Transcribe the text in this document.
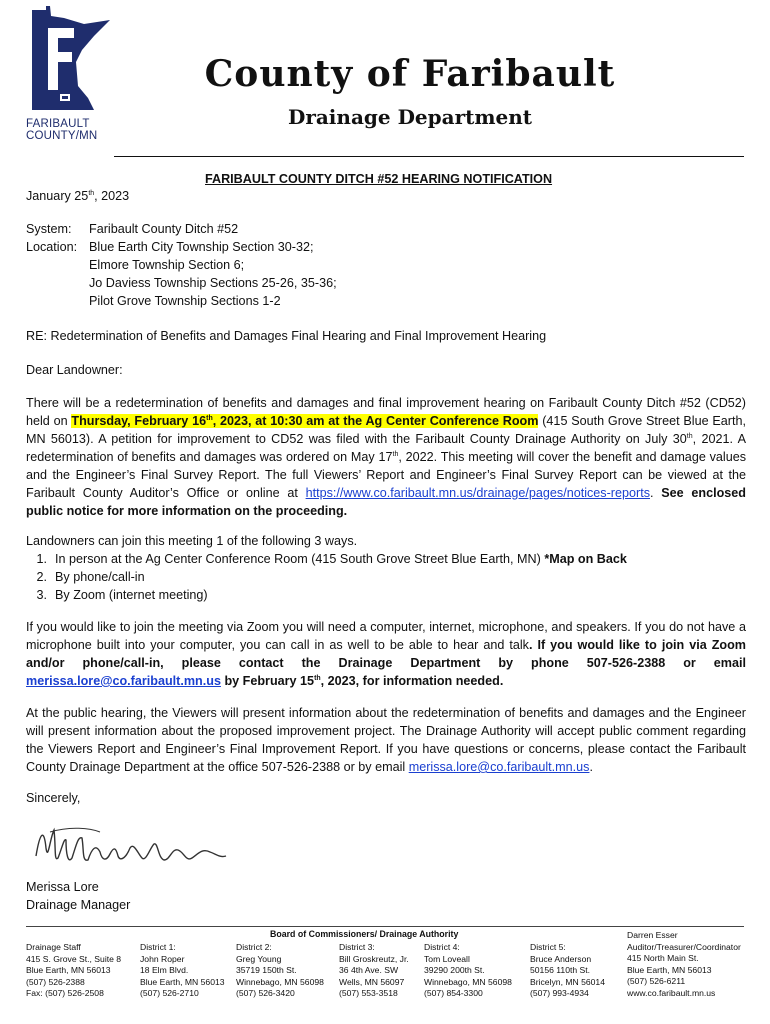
FARIBAULT
COUNTY/MN
County of Faribault
Drainage Department
FARIBAULT COUNTY DITCH #52 HEARING NOTIFICATION
January 25th, 2023
System: Faribault County Ditch #52
Location: Blue Earth City Township Section 30-32;
Elmore Township Section 6;
Jo Daviess Township Sections 25-26, 35-36;
Pilot Grove Township Sections 1-2
RE: Redetermination of Benefits and Damages Final Hearing and Final Improvement Hearing
Dear Landowner:
There will be a redetermination of benefits and damages and final improvement hearing on Faribault County Ditch #52 (CD52) held on Thursday, February 16th, 2023, at 10:30 am at the Ag Center Conference Room (415 South Grove Street Blue Earth, MN 56013). A petition for improvement to CD52 was filed with the Faribault County Drainage Authority on July 30th, 2021. A redetermination of benefits and damages was ordered on May 17th, 2022. This meeting will cover the benefit and damage values and the Engineer’s Final Survey Report. The full Viewers’ Report and Engineer’s Final Survey Report can be viewed at the Faribault County Auditor’s Office or online at https://www.co.faribault.mn.us/drainage/pages/notices-reports. See enclosed public notice for more information on the proceeding.
Landowners can join this meeting 1 of the following 3 ways.
1. In person at the Ag Center Conference Room (415 South Grove Street Blue Earth, MN) *Map on Back
2. By phone/call-in
3. By Zoom (internet meeting)
If you would like to join the meeting via Zoom you will need a computer, internet, microphone, and speakers. If you do not have a microphone built into your computer, you can call in as well to be able to hear and talk. If you would like to join via Zoom and/or phone/call-in, please contact the Drainage Department by phone 507-526-2388 or email merissa.lore@co.faribault.mn.us by February 15th, 2023, for information needed.
At the public hearing, the Viewers will present information about the redetermination of benefits and damages and the Engineer will present information about the proposed improvement project. The Drainage Authority will accept public comment regarding the Viewers Report and Engineer’s Final Improvement Report. If you have questions or concerns, please contact the Faribault County Drainage Department at the office 507-526-2388 or by email merissa.lore@co.faribault.mn.us.
Sincerely,
Merissa Lore
Drainage Manager
Board of Commissioners/ Drainage Authority
Drainage Staff
415 S. Grove St., Suite 8
Blue Earth, MN 56013
(507) 526-2388
Fax: (507) 526-2508
District 1:
John Roper
18 Elm Blvd.
Blue Earth, MN 56013
(507) 526-2710
District 2:
Greg Young
35719 150th St.
Winnebago, MN 56098
(507) 526-3420
District 3:
Bill Groskreutz, Jr.
36 4th Ave. SW
Wells, MN 56097
(507) 553-3518
District 4:
Tom Loveall
39290 200th St.
Winnebago, MN 56098
(507) 854-3300
District 5:
Bruce Anderson
50156 110th St.
Bricelyn, MN 56014
(507) 993-4934
Darren Esser
Auditor/Treasurer/Coordinator
415 North Main St.
Blue Earth, MN 56013
(507) 526-6211
www.co.faribault.mn.us
